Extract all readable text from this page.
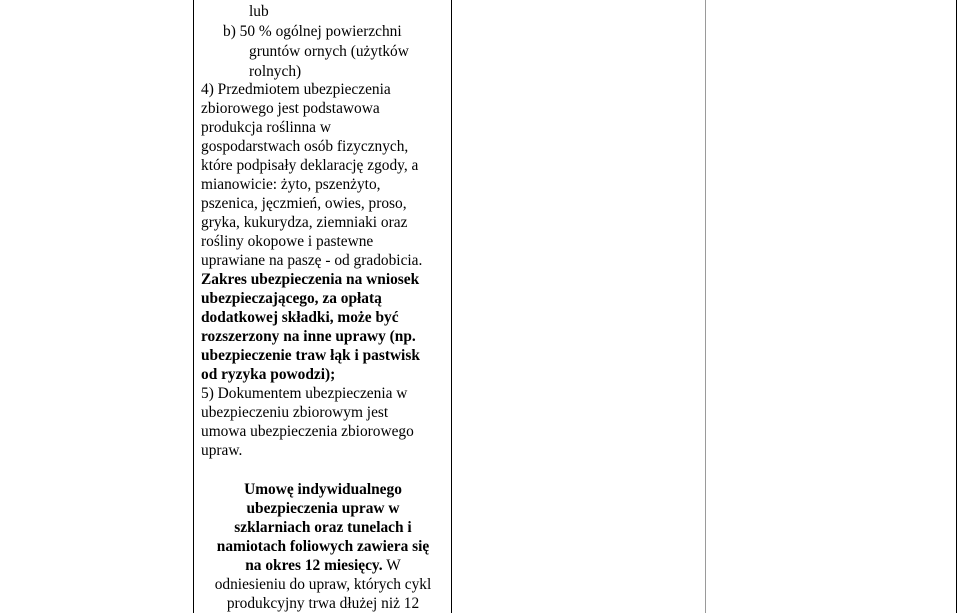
lub
b) 50 % ogólnej powierzchni
gruntów ornych (użytków
rolnych)
4) Przedmiotem ubezpieczenia
zbiorowego jest podstawowa
produkcja roślinna w
gospodarstwach osób fizycznych,
które podpisały deklarację zgody, a
mianowicie: żyto, pszenżyto,
pszenica, jęczmień, owies, proso,
gryka, kukurydza, ziemniaki oraz
rośliny okopowe i pastewne
uprawiane na paszę - od gradobicia.
Zakres ubezpieczenia na wniosek
ubezpieczającego, za opłatą
dodatkowej składki, może być
rozszerzony na inne uprawy (np.
ubezpieczenie traw łąk i pastwisk
od ryzyka powodzi);
5) Dokumentem ubezpieczenia w
ubezpieczeniu zbiorowym jest
umowa ubezpieczenia zbiorowego
upraw.
Umowę indywidualnego
ubezpieczenia upraw w
szklarniach oraz tunelach i
namiotach foliowych zawiera się
na okres 12 miesięcy. W
odniesieniu do upraw, których cykl
produkcyjny trwa dłużej niż 12
